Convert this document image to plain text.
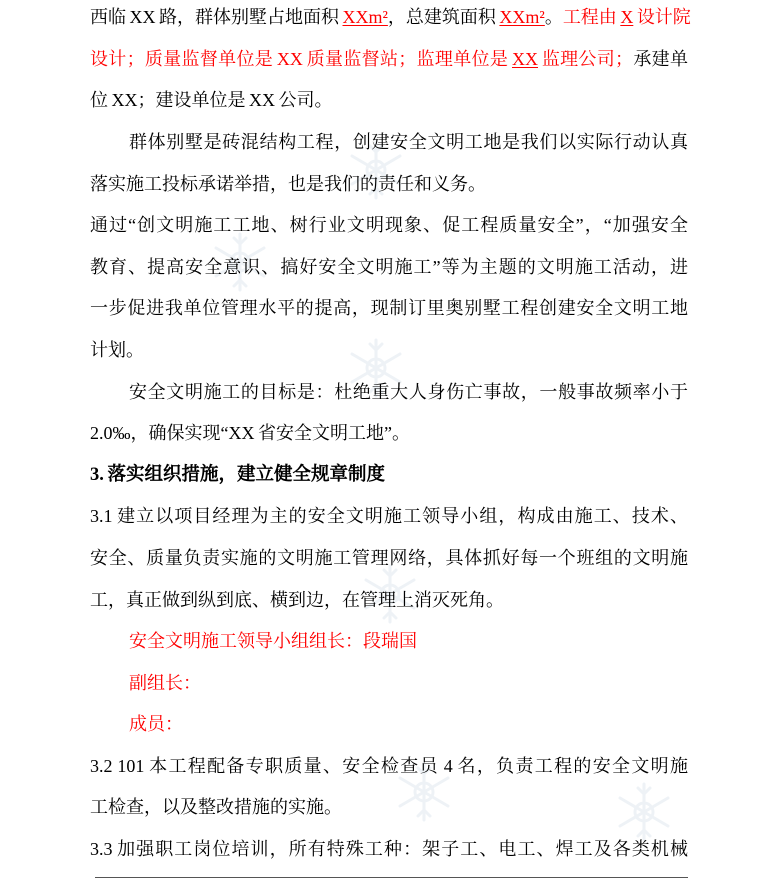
西临 XX 路，群体别墅占地面积 XXm²，总建筑面积 XXm²。工程由 X 设计院
设计；质量监督单位是 XX 质量监督站；监理单位是 XX 监理公司；承建单
位 XX；建设单位是 XX 公司。
群体别墅是砖混结构工程，创建安全文明工地是我们以实际行动认真
落实施工投标承诺举措，也是我们的责任和义务。
通过“创文明施工工地、树行业文明现象、促工程质量安全”，“加强安全
教育、提高安全意识、搞好安全文明施工”等为主题的文明施工活动，进
一步促进我单位管理水平的提高，现制订里奥别墅工程创建安全文明工地
计划。
安全文明施工的目标是：杜绝重大人身伤亡事故，一般事故频率小于
2.0‰，确保实现“XX 省安全文明工地”。
3. 落实组织措施，建立健全规章制度
3.1 建立以项目经理为主的安全文明施工领导小组，构成由施工、技术、
安全、质量负责实施的文明施工管理网络，具体抓好每一个班组的文明施
工，真正做到纵到底、横到边，在管理上消灭死角。
安全文明施工领导小组组长：段瑞国
副组长：
成员：
3.2 101 本工程配备专职质量、安全检查员 4 名，负责工程的安全文明施
工检查，以及整改措施的实施。
3.3 加强职工岗位培训，所有特殊工种：架子工、电工、焊工及各类机械
